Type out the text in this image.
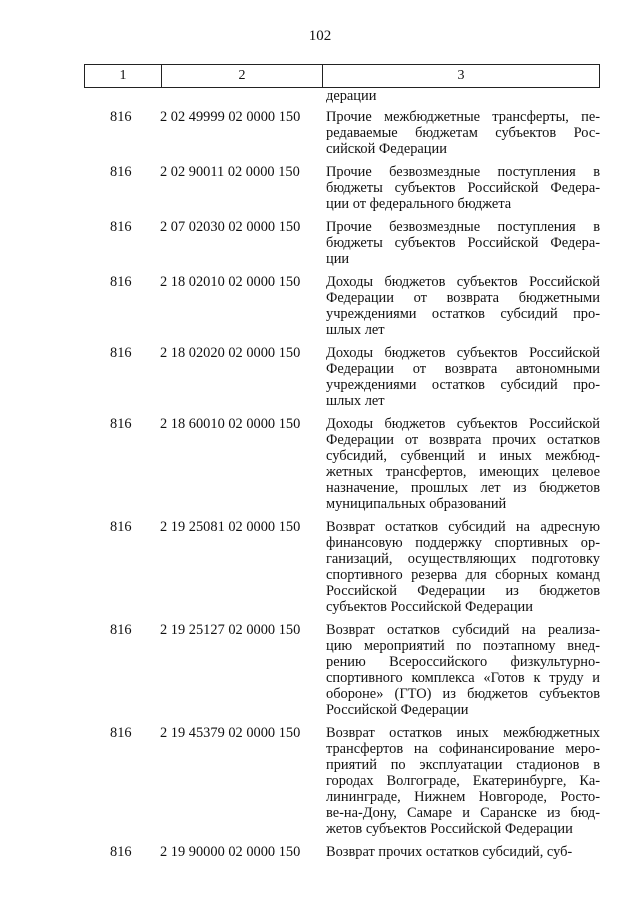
102
1	2	3
дерации
816	2 02 49999 02 0000 150	Прочие межбюджетные трансферты, пе-
редаваемые бюджетам субъектов Рос-
сийской Федерации
816	2 02 90011 02 0000 150	Прочие безвозмездные поступления в
бюджеты субъектов Российской Федера-
ции от федерального бюджета
816	2 07 02030 02 0000 150	Прочие безвозмездные поступления в
бюджеты субъектов Российской Федера-
ции
816	2 18 02010 02 0000 150	Доходы бюджетов субъектов Российской
Федерации от возврата бюджетными
учреждениями остатков субсидий про-
шлых лет
816	2 18 02020 02 0000 150	Доходы бюджетов субъектов Российской
Федерации от возврата автономными
учреждениями остатков субсидий про-
шлых лет
816	2 18 60010 02 0000 150	Доходы бюджетов субъектов Российской
Федерации от возврата прочих остатков
субсидий, субвенций и иных межбюд-
жетных трансфертов, имеющих целевое
назначение, прошлых лет из бюджетов
муниципальных образований
816	2 19 25081 02 0000 150	Возврат остатков субсидий на адресную
финансовую поддержку спортивных ор-
ганизаций, осуществляющих подготовку
спортивного резерва для сборных команд
Российской Федерации из бюджетов
субъектов Российской Федерации
816	2 19 25127 02 0000 150	Возврат остатков субсидий на реализа-
цию мероприятий по поэтапному внед-
рению Всероссийского физкультурно-
спортивного комплекса «Готов к труду и
обороне» (ГТО) из бюджетов субъектов
Российской Федерации
816	2 19 45379 02 0000 150	Возврат остатков иных межбюджетных
трансфертов на софинансирование меро-
приятий по эксплуатации стадионов в
городах Волгограде, Екатеринбурге, Ка-
лининграде, Нижнем Новгороде, Росто-
ве-на-Дону, Самаре и Саранске из бюд-
жетов субъектов Российской Федерации
816	2 19 90000 02 0000 150	Возврат прочих остатков субсидий, суб-
